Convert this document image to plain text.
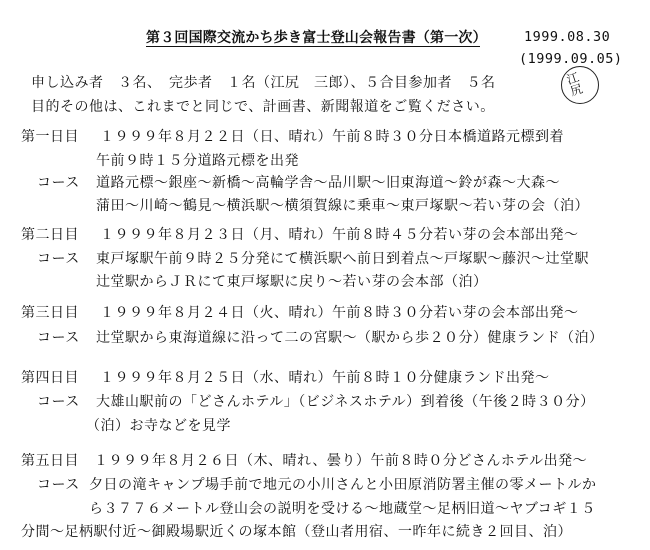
第３回国際交流かち歩き富士登山会報告書（第一次）	1999.08.30
(1999.09.05)
江尻
申し込み者　３名、　完歩者　１名（江尻　三郎）、５合目参加者　５名
目的その他は、これまでと同じで、計画書、新聞報道をご覧ください。
第一日目 １９９９年８月２２日（日、晴れ）午前８時３０分日本橋道路元標到着
午前９時１５分道路元標を出発
コース 道路元標～銀座～新橋～高輪学舎～品川駅～旧東海道～鈴が森～大森～
蒲田～川崎～鶴見～横浜駅～横須賀線に乗車～東戸塚駅～若い芽の会（泊）
第二日目 １９９９年８月２３日（月、晴れ）午前８時４５分若い芽の会本部出発～
コース 東戸塚駅午前９時２５分発にて横浜駅へ前日到着点～戸塚駅～藤沢～辻堂駅
辻堂駅からＪＲにて東戸塚駅に戻り～若い芽の会本部（泊）
第三日目 １９９９年８月２４日（火、晴れ）午前８時３０分若い芽の会本部出発～
コース 辻堂駅から東海道線に沿って二の宮駅～（駅から歩２０分）健康ランド（泊）
第四日目 １９９９年８月２５日（水、晴れ）午前８時１０分健康ランド出発～
コース 大雄山駅前の「どさんホテル」（ビジネスホテル）到着後（午後２時３０分）
（泊）お寺などを見学
第五日目 １９９９年８月２６日（木、晴れ、曇り）午前８時０分どさんホテル出発～
コース 夕日の滝キャンプ場手前で地元の小川さんと小田原消防署主催の零メートルか
ら３７７６メートル登山会の説明を受ける～地蔵堂～足柄旧道～ヤブコギ１５
分間～足柄駅付近～御殿場駅近くの塚本館（登山者用宿、一昨年に続き２回目、泊）
